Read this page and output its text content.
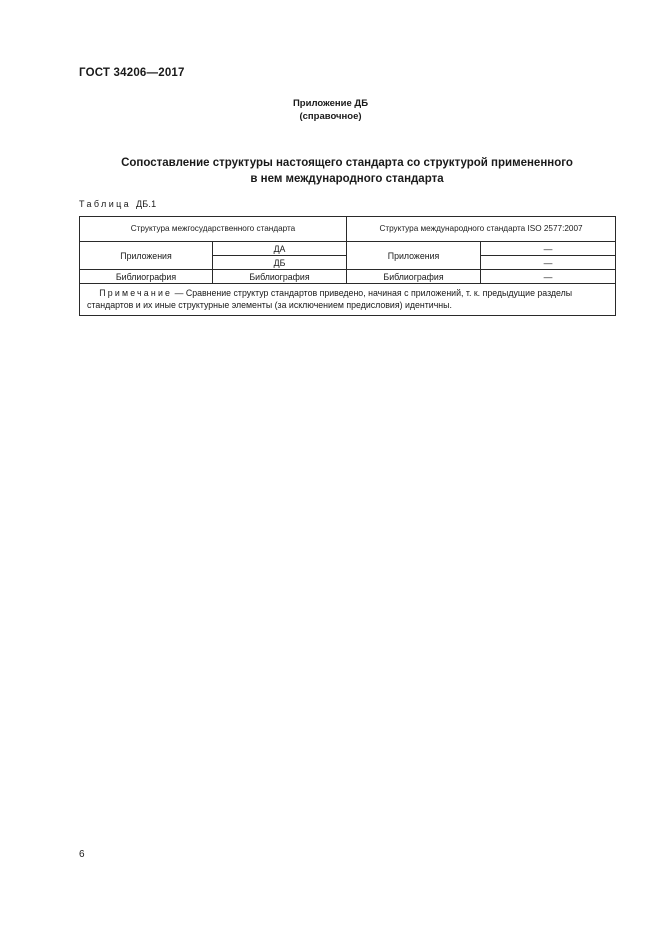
ГОСТ 34206—2017
Приложение ДБ
(справочное)
Сопоставление структуры настоящего стандарта со структурой примененного
в нем международного стандарта
Таблица ДБ.1
Структура межгосударственного стандарта		Структура международного стандарта ISO 2577:2007	
Приложения	ДА	Приложения	—
	ДБ		—
Библиография	Библиография	Библиография	—
Примечание — Сравнение структур стандартов приведено, начиная с приложений, т. к. предыдущие разделы стандартов и их иные структурные элементы (за исключением предисловия) идентичны.			
6
